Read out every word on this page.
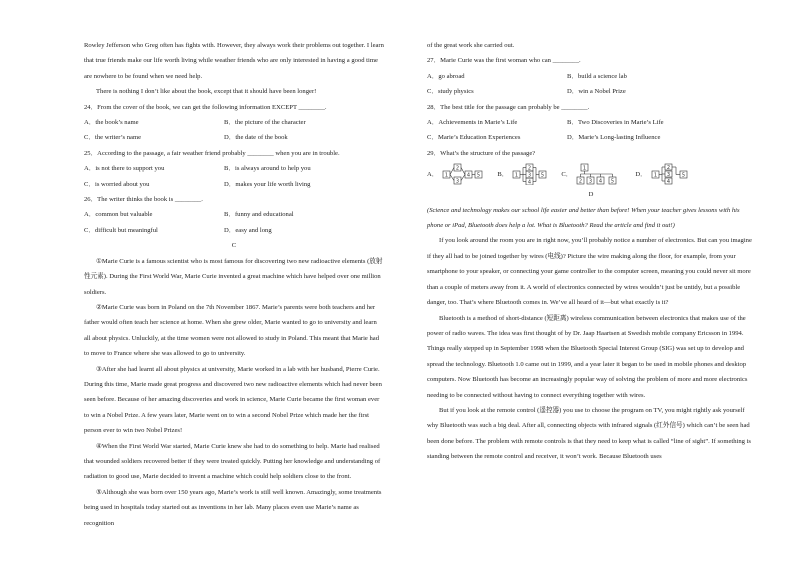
Rowley Jefferson who Greg often has fights with. However, they always work their problems out together. I learn that true friends make our life worth living while weather friends who are only interested in having a good time are nowhere to be found when we need help.

There is nothing I don’t like about the book, except that it should have been longer!

24．From the cover of the book, we can get the following information EXCEPT ________.

A．the book’s name	B．the picture of the character
C．the writer’s name	D．the date of the book

25．According to the passage, a fair weather friend probably ________ when you are in trouble.

A．is not there to support you	B．is always around to help you
C．is worried about you	D．makes your life worth living

26．The writer thinks the book is ________.

A．common but valuable	B．funny and educational
C．difficult but meaningful	D．easy and long

C

①Marie Curie is a famous scientist who is most famous for discovering two new radioactive elements (放射性元素). During the First World War, Marie Curie invented a great machine which have helped over one million soldiers.

②Marie Curie was born in Poland on the 7th November 1867. Marie’s parents were both teachers and her father would often teach her science at home. When she grew older, Marie wanted to go to university and learn all about physics. Unluckily, at the time women were not allowed to study in Poland. This meant that Marie had to move to France where she was allowed to go to university.

③After she had learnt all about physics at university, Marie worked in a lab with her husband, Pierre Curie. During this time, Marie made great progress and discovered two new radioactive elements which had never been seen before. Because of her amazing discoveries and work in science, Marie Curie became the first woman ever to win a Nobel Prize. A few years later, Marie went on to win a second Nobel Prize which made her the first person ever to win two Nobel Prizes!

④When the First World War started, Marie Curie knew she had to do something to help. Marie had realised that wounded soldiers recovered better if they were treated quickly. Putting her knowledge and understanding of radiation to good use, Marie decided to invent a machine which could help soldiers close to the front.

⑤Although she was born over 150 years ago, Marie’s work is still well known. Amazingly, some treatments being used in hospitals today started out as inventions in her lab. Many places even use Marie’s name as recognition

of the great work she carried out.

27．Marie Curie was the first woman who can ________.

A．go abroad	B．build a science lab
C．study physics	D．win a Nobel Prize

28．The best title for the passage can probably be ________.

A．Achievements in Marie’s Life	B．Two Discoveries in Marie’s Life
C．Marie’s Education Experiences	D．Marie’s Long-lasting Influence

29．What’s the structure of the passage?

A． 1
2
3
4 5	B． 1
2
3
4
5	C．
1
2 3 4 5
D． 1
2
3
4
5

D

(Science and technology makes our school life easier and better than before! When your teacher gives lessons with his phone or iPad, Bluetooth does help a lot. What is Bluetooth? Read the article and find it out!)

If you look around the room you are in right now, you’ll probably notice a number of electronics. But can you imagine if they all had to be joined together by wires (电线)? Picture the wire making along the floor, for example, from your smartphone to your speaker, or connecting your game controller to the computer screen, meaning you could never sit more than a couple of meters away from it. A world of electronics connected by wires wouldn’t just be untidy, but a possible danger, too. That’s where Bluetooth comes in. We’ve all heard of it—but what exactly is it?

Bluetooth is a method of short-distance (短距离) wireless communication between electronics that makes use of the power of radio waves. The idea was first thought of by Dr. Jaap Haartsen at Swedish mobile company Ericsson in 1994. Things really stepped up in September 1998 when the Bluetooth Special Interest Group (SIG) was set up to develop and spread the technology. Bluetooth 1.0 came out in 1999, and a year later it began to be used in mobile phones and desktop computers. Now Bluetooth has become an increasingly popular way of solving the problem of more and more electronics needing to be connected without having to connect everything together with wires.

But if you look at the remote control (遥控器) you use to choose the program on TV, you might rightly ask yourself why Bluetooth was such a big deal. After all, connecting objects with infrared signals (红外信号) which can’t be seen had been done before. The problem with remote controls is that they need to keep what is called “line of sight”. If something is standing between the remote control and receiver, it won’t work. Because Bluetooth uses
